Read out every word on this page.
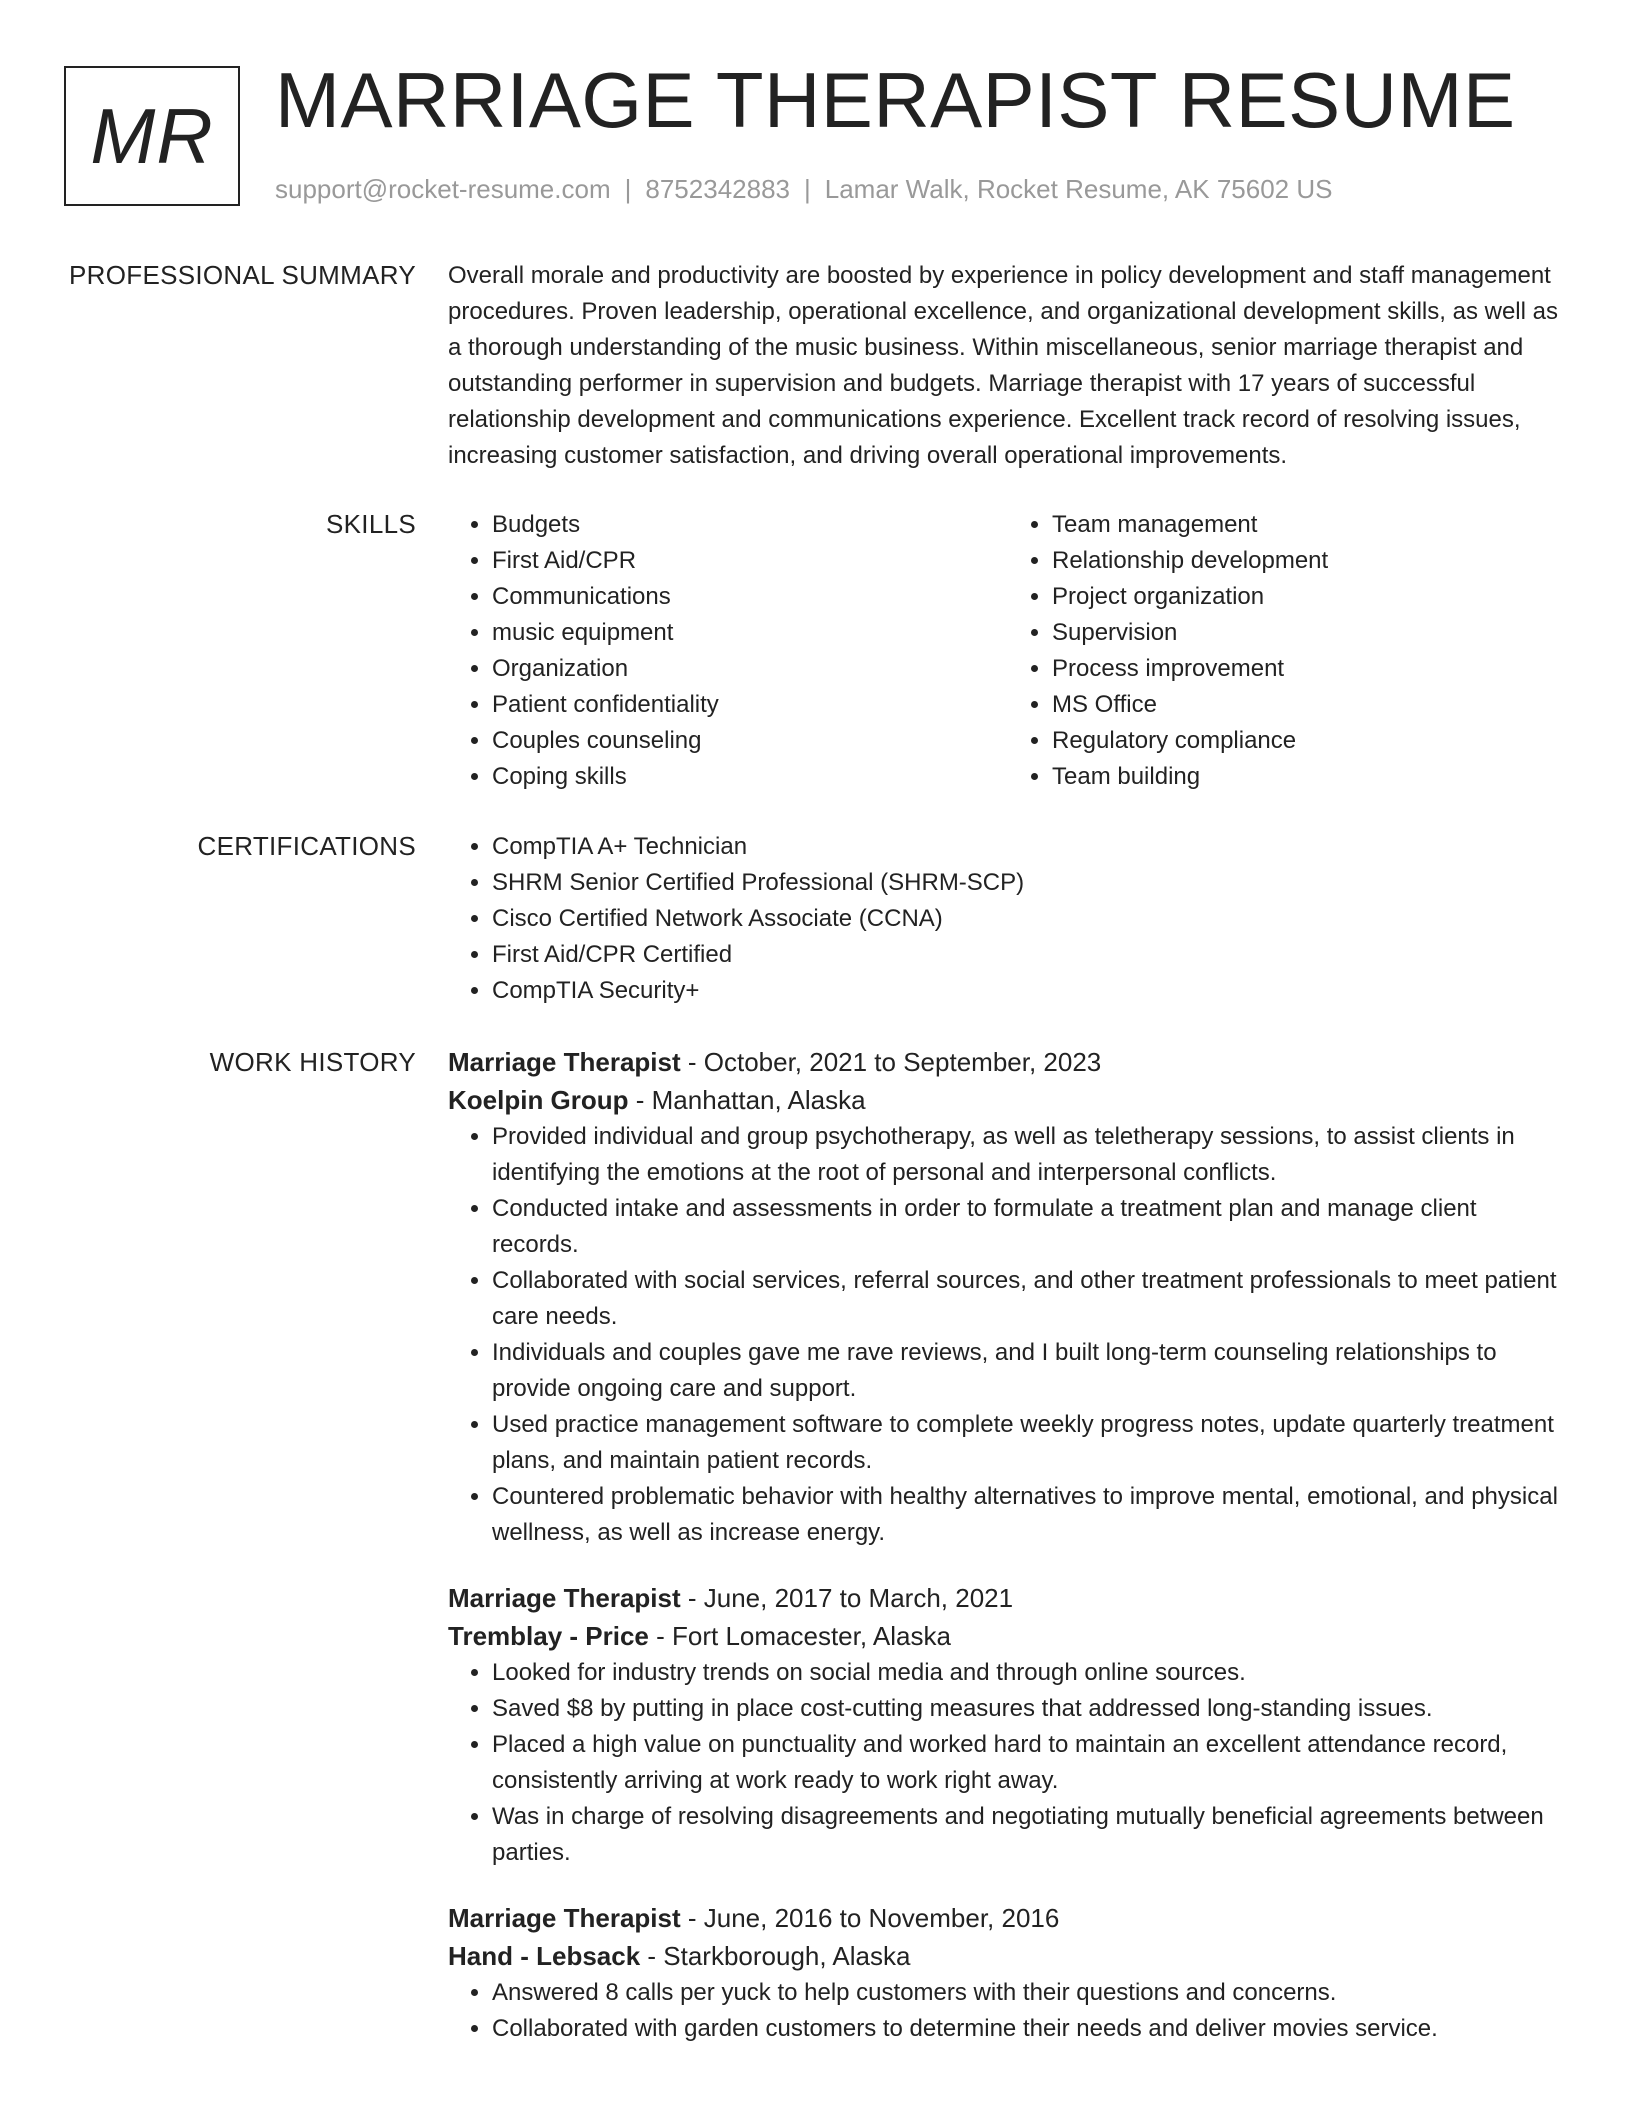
MR MARRIAGE THERAPIST RESUME
support@rocket-resume.com | 8752342883 | Lamar Walk, Rocket Resume, AK 75602 US
PROFESSIONAL SUMMARY Overall morale and productivity are boosted by experience in policy development and staff management procedures. Proven leadership, operational excellence, and organizational development skills, as well as a thorough understanding of the music business. Within miscellaneous, senior marriage therapist and outstanding performer in supervision and budgets. Marriage therapist with 17 years of successful relationship development and communications experience. Excellent track record of resolving issues, increasing customer satisfaction, and driving overall operational improvements.

SKILLS	• Budgets
• First Aid/CPR
• Communications
• music equipment
• Organization
• Patient confidentiality
• Couples counseling
• Coping skills
• Team management
• Relationship development
• Project organization
• Supervision
• Process improvement
• MS Office
• Regulatory compliance
• Team building
CERTIFICATIONS	• CompTIA A+ Technician
• SHRM Senior Certified Professional (SHRM-SCP)
• Cisco Certified Network Associate (CCNA)
• First Aid/CPR Certified
• CompTIA Security+
WORK HISTORY Marriage Therapist - October, 2021 to September, 2023
Koelpin Group - Manhattan, Alaska
• Provided individual and group psychotherapy, as well as teletherapy sessions, to assist clients in identifying the emotions at the root of personal and interpersonal conflicts.
• Conducted intake and assessments in order to formulate a treatment plan and manage client records.
• Collaborated with social services, referral sources, and other treatment professionals to meet patient care needs.
• Individuals and couples gave me rave reviews, and I built long-term counseling relationships to provide ongoing care and support.
• Used practice management software to complete weekly progress notes, update quarterly treatment plans, and maintain patient records.
• Countered problematic behavior with healthy alternatives to improve mental, emotional, and physical wellness, as well as increase energy.
Marriage Therapist - June, 2017 to March, 2021
Tremblay - Price - Fort Lomacester, Alaska
• Looked for industry trends on social media and through online sources.
• Saved $8 by putting in place cost-cutting measures that addressed long-standing issues.
• Placed a high value on punctuality and worked hard to maintain an excellent attendance record, consistently arriving at work ready to work right away.
• Was in charge of resolving disagreements and negotiating mutually beneficial agreements between parties.
Marriage Therapist - June, 2016 to November, 2016
Hand - Lebsack - Starkborough, Alaska
• Answered 8 calls per yuck to help customers with their questions and concerns.
• Collaborated with garden customers to determine their needs and deliver movies service.
